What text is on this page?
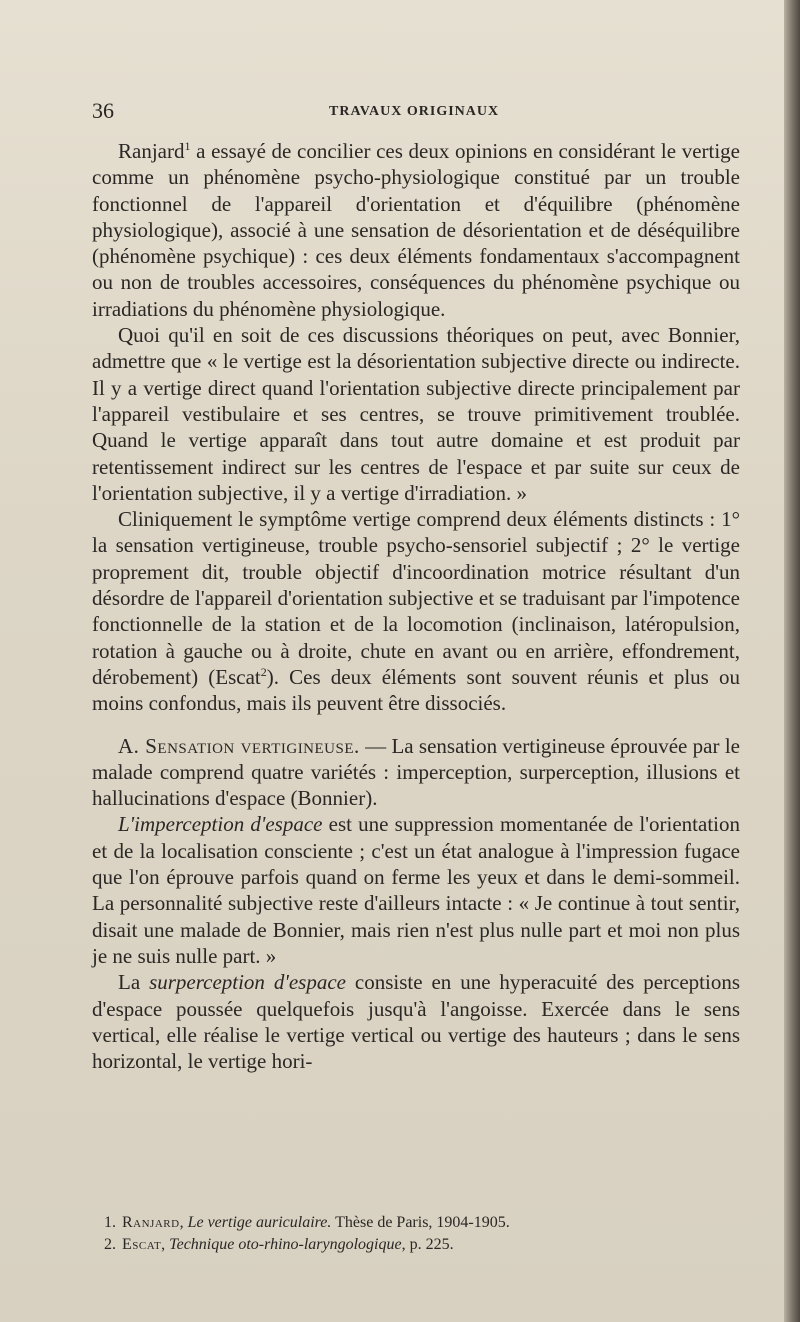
36	TRAVAUX ORIGINAUX

Ranjard$^1$ a essayé de concilier ces deux opinions en considérant le vertige comme un phénomène psycho-physiologique constitué par un trouble fonctionnel de l'appareil d'orientation et d'équilibre (phénomène physiologique), associé à une sensation de désorientation et de déséquilibre (phénomène psychique) : ces deux éléments fondamentaux s'accompagnent ou non de troubles accessoires, conséquences du phénomène psychique ou irradiations du phénomène physiologique.

Quoi qu'il en soit de ces discussions théoriques on peut, avec Bonnier, admettre que « le vertige est la désorientation subjective directe ou indirecte. Il y a vertige direct quand l'orientation subjective directe principalement par l'appareil vestibulaire et ses centres, se trouve primitivement troublée. Quand le vertige apparaît dans tout autre domaine et est produit par retentissement indirect sur les centres de l'espace et par suite sur ceux de l'orientation subjective, il y a vertige d'irradiation. »

Cliniquement le symptôme vertige comprend deux éléments distincts : 1° la sensation vertigineuse, trouble psycho-sensoriel subjectif ; 2° le vertige proprement dit, trouble objectif d'incoordination motrice résultant d'un désordre de l'appareil d'orientation subjective et se traduisant par l'impotence fonctionnelle de la station et de la locomotion (inclinaison, latéropulsion, rotation à gauche ou à droite, chute en avant ou en arrière, effondrement, dérobement) (Escat$^2$). Ces deux éléments sont souvent réunis et plus ou moins confondus, mais ils peuvent être dissociés.

A. Sensation vertigineuse. — La sensation vertigineuse éprouvée par le malade comprend quatre variétés : imperception, surperception, illusions et hallucinations d'espace (Bonnier).

L'imperception d'espace est une suppression momentanée de l'orientation et de la localisation consciente ; c'est un état analogue à l'impression fugace que l'on éprouve parfois quand on ferme les yeux et dans le demi-sommeil. La personnalité subjective reste d'ailleurs intacte : « Je continue à tout sentir, disait une malade de Bonnier, mais rien n'est plus nulle part et moi non plus je ne suis nulle part. »

La surperception d'espace consiste en une hyperacuité des perceptions d'espace poussée quelquefois jusqu'à l'angoisse. Exercée dans le sens vertical, elle réalise le vertige vertical ou vertige des hauteurs ; dans le sens horizontal, le vertige hori-

1. Ranjard, Le vertige auriculaire. Thèse de Paris, 1904-1905.
2. Escat, Technique oto-rhino-laryngologique, p. 225.
